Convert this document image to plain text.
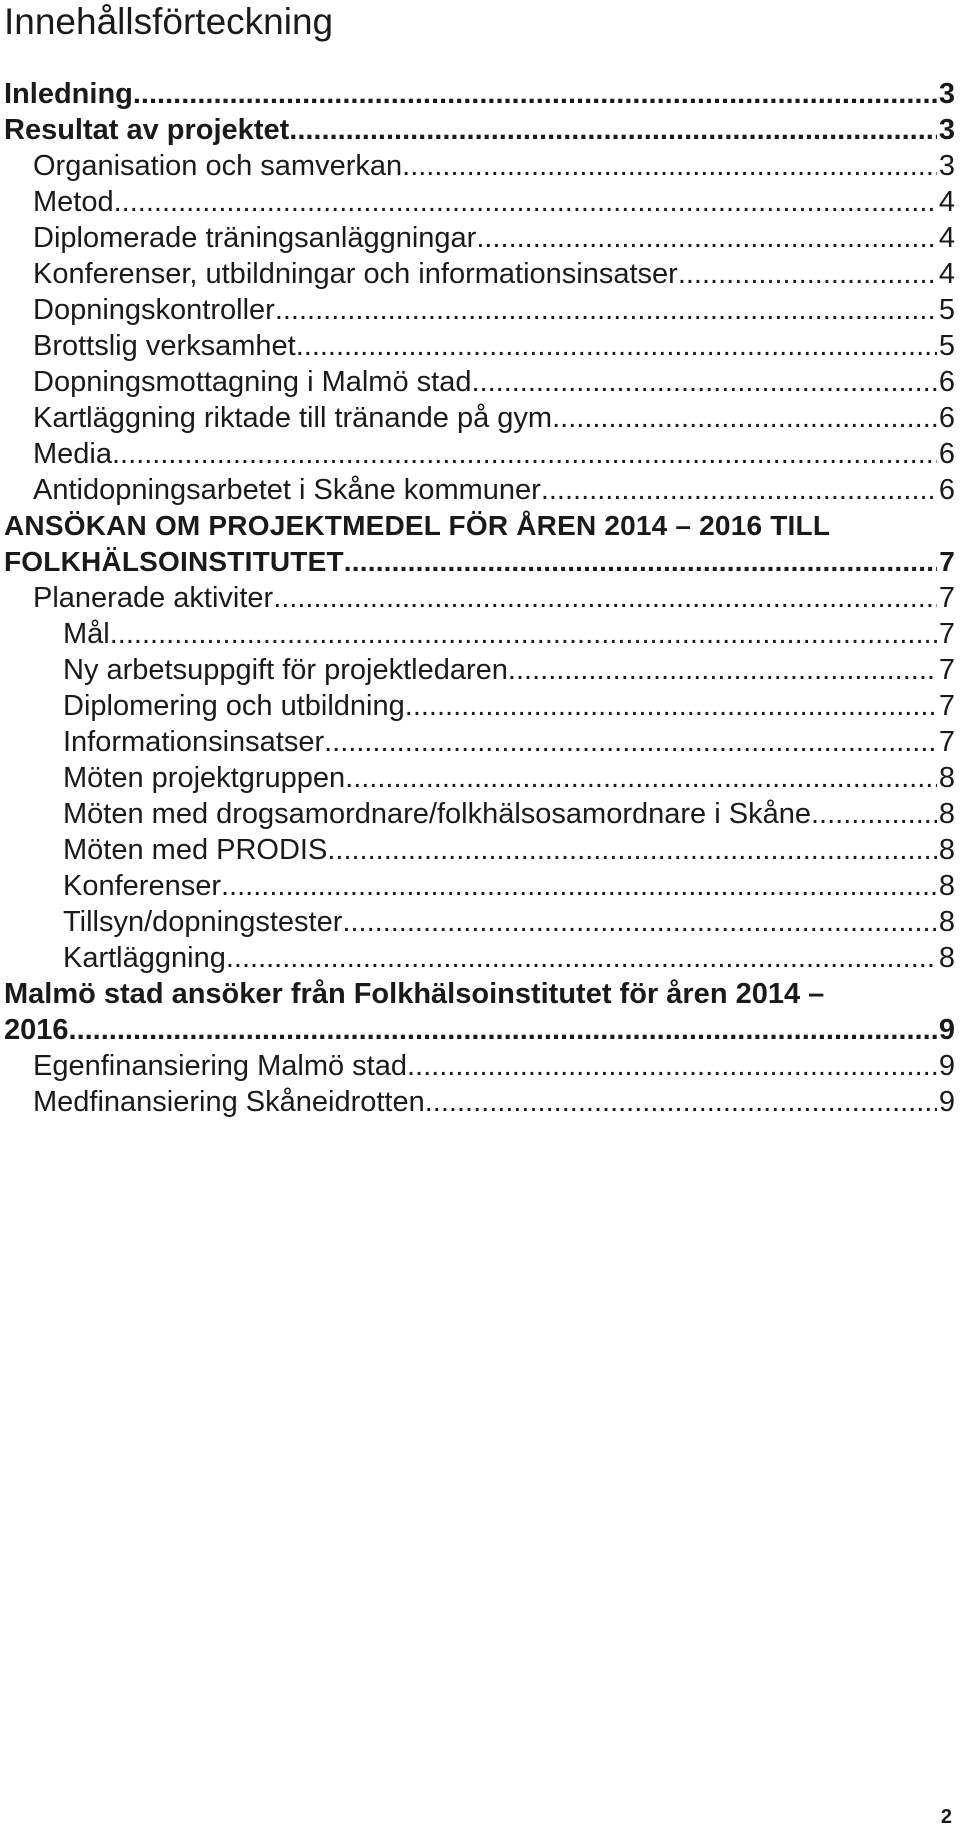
Innehållsförteckning
Inledning .....	3
Resultat av projektet .....	3
Organisation och samverkan .....	3
Metod .....	4
Diplomerade träningsanläggningar .....	4
Konferenser, utbildningar och informationsinsatser .....	4
Dopningskontroller .....	5
Brottslig verksamhet .....	5
Dopningsmottagning i Malmö stad .....	6
Kartläggning riktade till tränande på gym .....	6
Media .....	6
Antidopningsarbetet i Skåne kommuner .....	6
ANSÖKAN OM PROJEKTMEDEL FÖR ÅREN 2014 – 2016 TILL
FOLKHÄLSOINSTITUTET .....	7
Planerade aktiviter .....	7
Mål .....	7
Ny arbetsuppgift för projektledaren .....	7
Diplomering och utbildning .....	7
Informationsinsatser .....	7
Möten projektgruppen .....	8
Möten med drogsamordnare/folkhälsosamordnare i Skåne .....	8
Möten med PRODIS .....	8
Konferenser .....	8
Tillsyn/dopningstester .....	8
Kartläggning .....	8
Malmö stad ansöker från Folkhälsoinstitutet för åren 2014 –
2016 .....	9
Egenfinansiering Malmö stad .....	9
Medfinansiering Skåneidrotten .....	9
2
